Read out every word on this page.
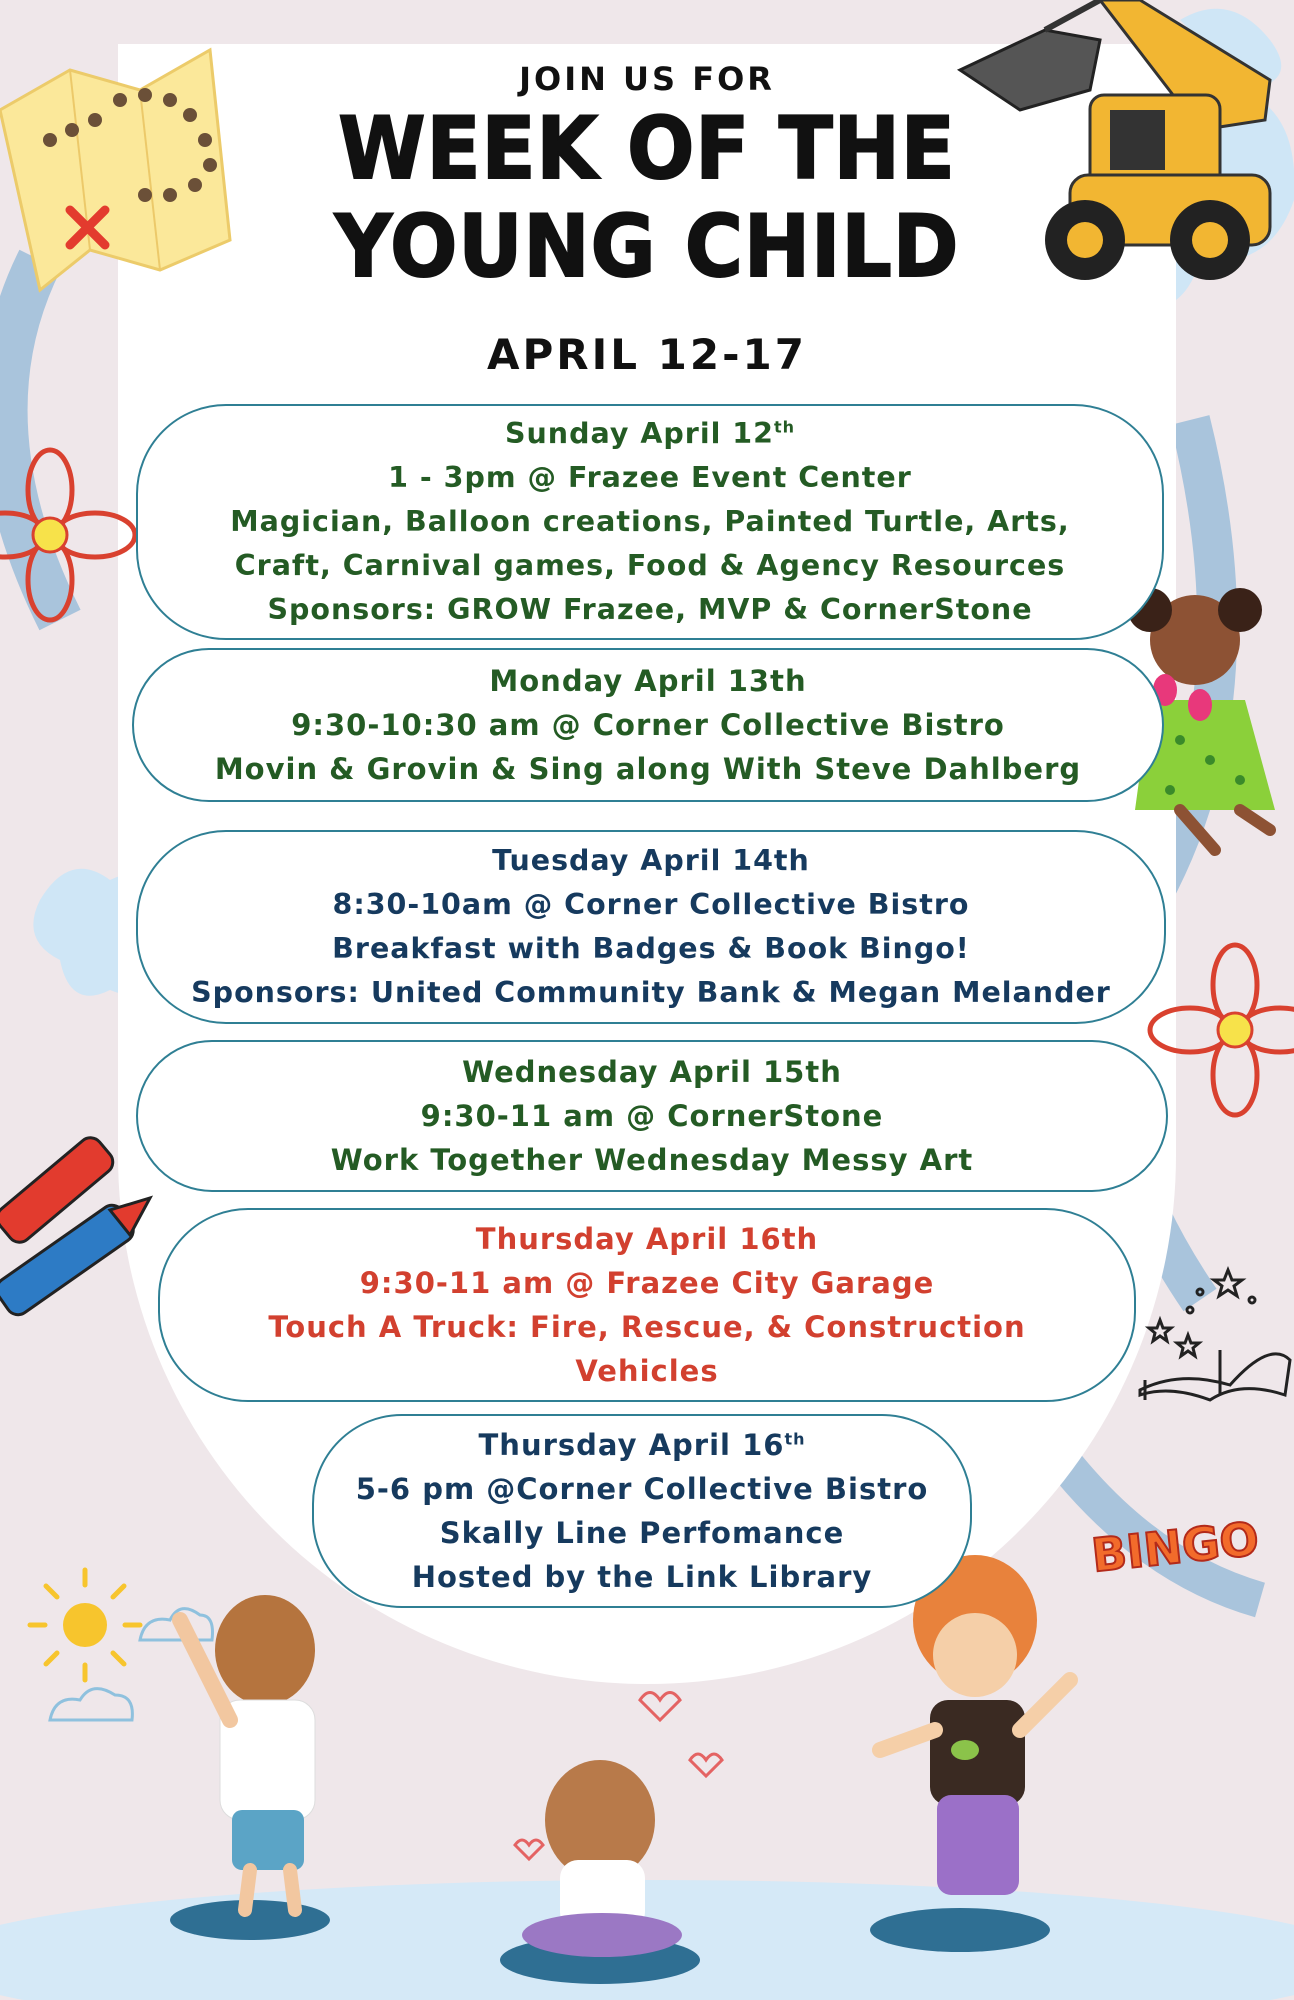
JOIN US FOR
WEEK OF THE
YOUNG CHILD
APRIL 12-17
Sunday April 12th
1 - 3pm @ Frazee Event Center
Magician, Balloon creations, Painted Turtle, Arts,
Craft, Carnival games, Food & Agency Resources
Sponsors: GROW Frazee, MVP & CornerStone
Monday April 13th
9:30-10:30 am @ Corner Collective Bistro
Movin & Grovin & Sing along With Steve Dahlberg
Tuesday April 14th
8:30-10am @ Corner Collective Bistro
Breakfast with Badges & Book Bingo!
Sponsors: United Community Bank & Megan Melander
Wednesday April 15th
9:30-11 am @ CornerStone
Work Together Wednesday Messy Art
Thursday April 16th
9:30-11 am @ Frazee City Garage
Touch A Truck: Fire, Rescue, & Construction
Vehicles
Thursday April 16th
5-6 pm @Corner Collective Bistro
Skally Line Perfomance
Hosted by the Link Library	BINGO
